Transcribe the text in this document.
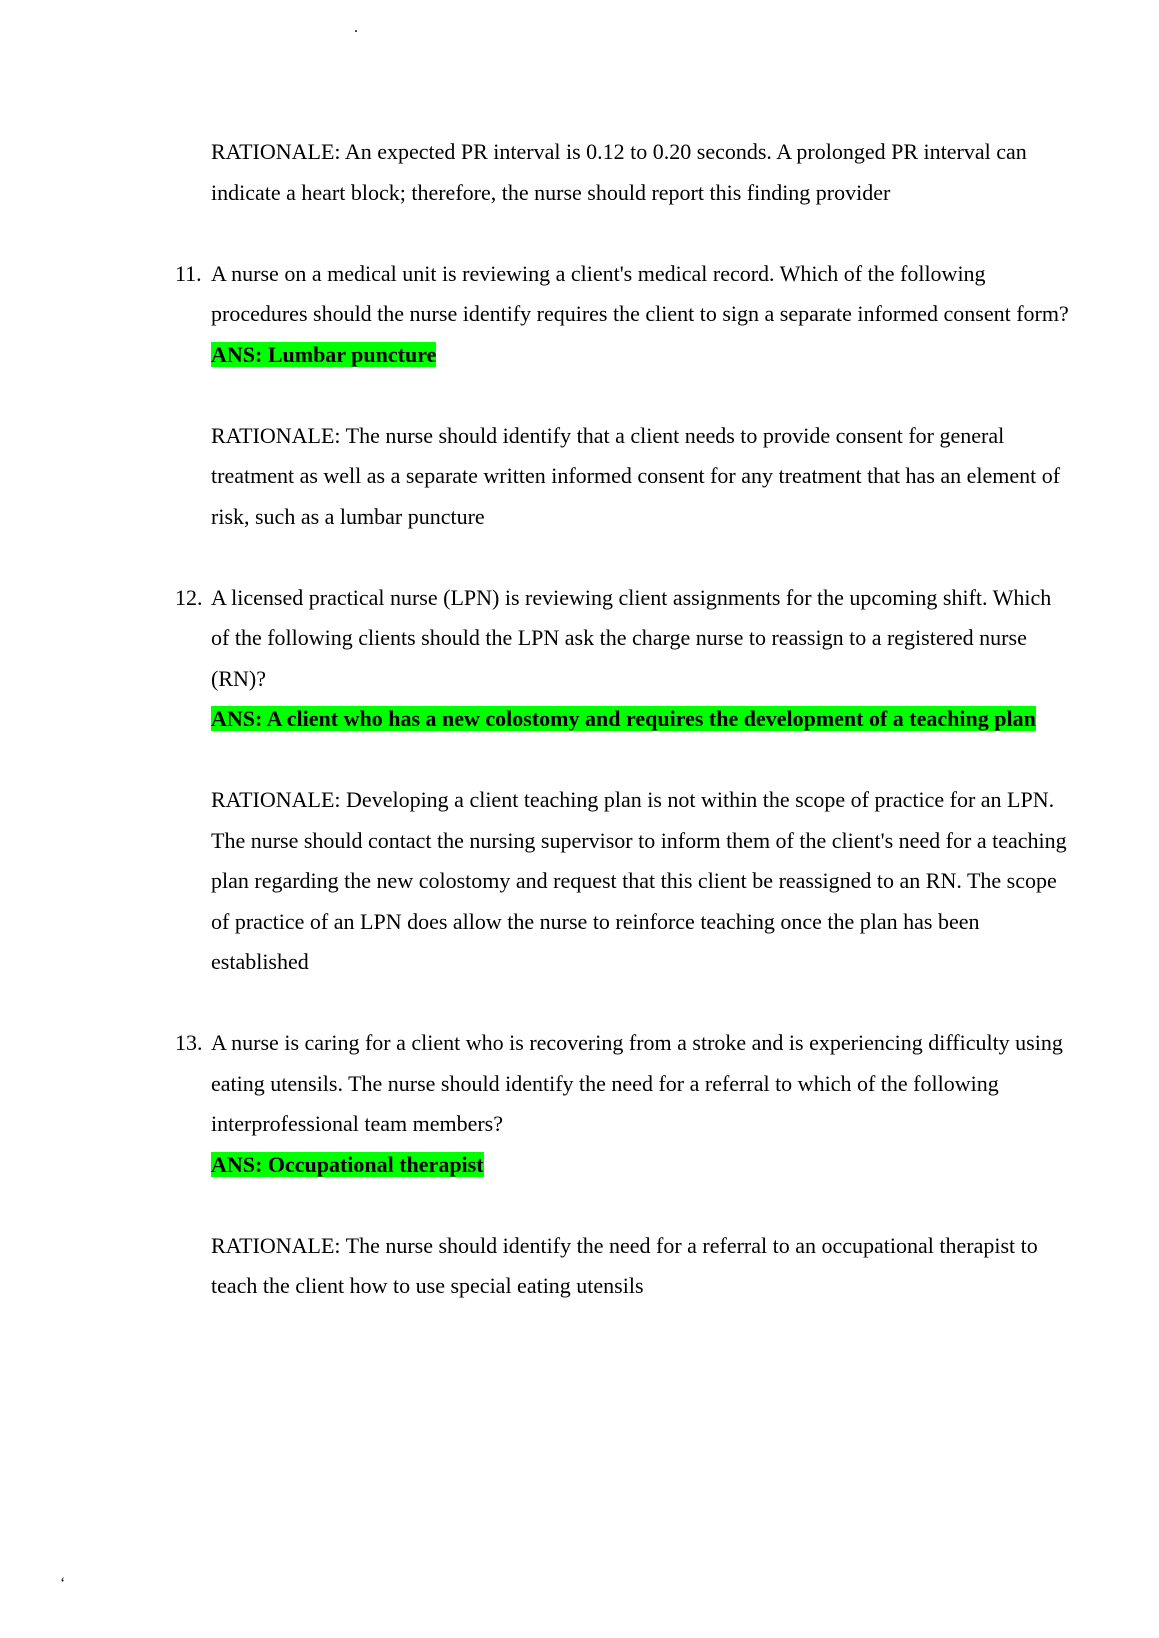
.
RATIONALE: An expected PR interval is 0.12 to 0.20 seconds. A prolonged PR interval can indicate a heart block; therefore, the nurse should report this finding provider
11. A nurse on a medical unit is reviewing a client's medical record. Which of the following procedures should the nurse identify requires the client to sign a separate informed consent form?
ANS: Lumbar puncture
RATIONALE: The nurse should identify that a client needs to provide consent for general treatment as well as a separate written informed consent for any treatment that has an element of risk, such as a lumbar puncture
12. A licensed practical nurse (LPN) is reviewing client assignments for the upcoming shift. Which of the following clients should the LPN ask the charge nurse to reassign to a registered nurse (RN)?
ANS: A client who has a new colostomy and requires the development of a teaching plan
RATIONALE: Developing a client teaching plan is not within the scope of practice for an LPN. The nurse should contact the nursing supervisor to inform them of the client's need for a teaching plan regarding the new colostomy and request that this client be reassigned to an RN. The scope of practice of an LPN does allow the nurse to reinforce teaching once the plan has been established
13. A nurse is caring for a client who is recovering from a stroke and is experiencing difficulty using eating utensils. The nurse should identify the need for a referral to which of the following interprofessional team members?
ANS: Occupational therapist
RATIONALE: The nurse should identify the need for a referral to an occupational therapist to teach the client how to use special eating utensils
‘
